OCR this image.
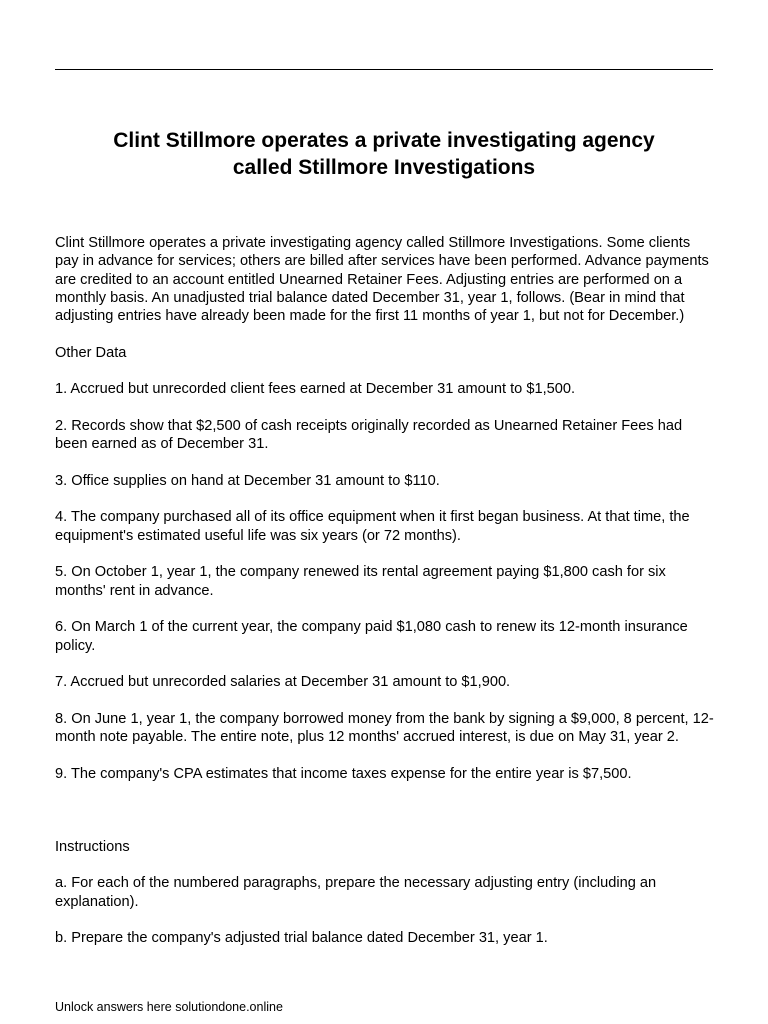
Clint Stillmore operates a private investigating agency
called Stillmore Investigations

Clint Stillmore operates a private investigating agency called Stillmore Investigations. Some clients pay in advance for services; others are billed after services have been performed. Advance payments are credited to an account entitled Unearned Retainer Fees. Adjusting entries are performed on a monthly basis. An unadjusted trial balance dated December 31, year 1, follows. (Bear in mind that adjusting entries have already been made for the first 11 months of year 1, but not for December.)

Other Data

1. Accrued but unrecorded client fees earned at December 31 amount to $1,500.

2. Records show that $2,500 of cash receipts originally recorded as Unearned Retainer Fees had been earned as of December 31.

3. Office supplies on hand at December 31 amount to $110.

4. The company purchased all of its office equipment when it first began business. At that time, the equipment's estimated useful life was six years (or 72 months).

5. On October 1, year 1, the company renewed its rental agreement paying $1,800 cash for six months' rent in advance.

6. On March 1 of the current year, the company paid $1,080 cash to renew its 12-month insurance policy.

7. Accrued but unrecorded salaries at December 31 amount to $1,900.

8. On June 1, year 1, the company borrowed money from the bank by signing a $9,000, 8 percent, 12-month note payable. The entire note, plus 12 months' accrued interest, is due on May 31, year 2.

9. The company's CPA estimates that income taxes expense for the entire year is $7,500.

Instructions

a. For each of the numbered paragraphs, prepare the necessary adjusting entry (including an explanation).

b. Prepare the company's adjusted trial balance dated December 31, year 1.

Unlock answers here solutiondone.online
